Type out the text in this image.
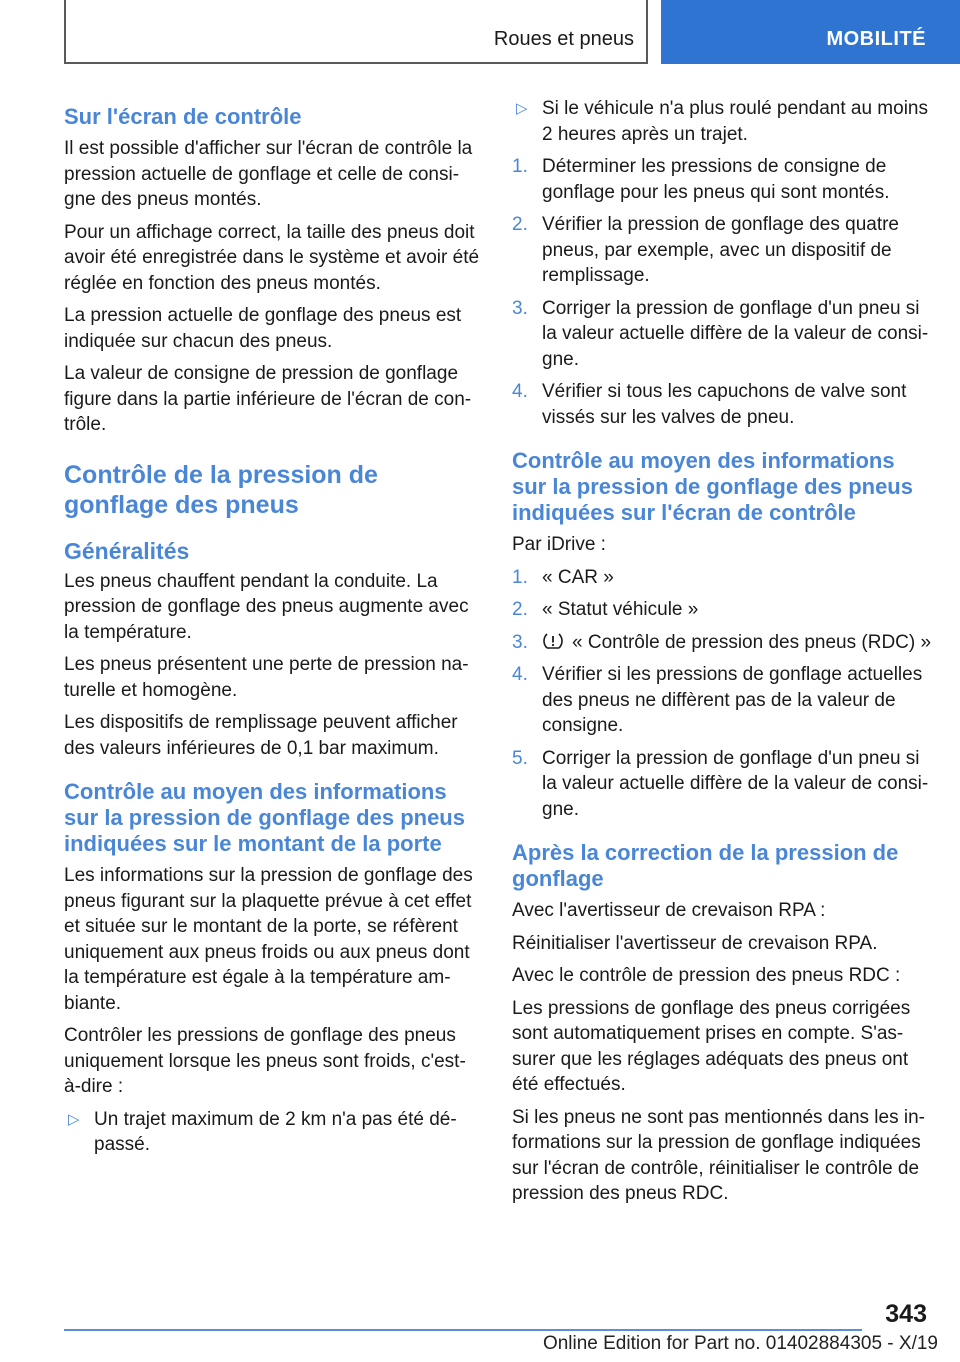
Roues et pneus	MOBILITÉ
Sur l'écran de contrôle

Il est possible d'afficher sur l'écran de contrôle la pression actuelle de gonflage et celle de consi-gne des pneus montés.

Pour un affichage correct, la taille des pneus doit avoir été enregistrée dans le système et avoir été réglée en fonction des pneus montés.

La pression actuelle de gonflage des pneus est indiquée sur chacun des pneus.

La valeur de consigne de pression de gonflage figure dans la partie inférieure de l'écran de con-trôle.

Contrôle de la pression de gonflage des pneus
Généralités

Les pneus chauffent pendant la conduite. La pression de gonflage des pneus augmente avec la température.

Les pneus présentent une perte de pression na-turelle et homogène.

Les dispositifs de remplissage peuvent afficher des valeurs inférieures de 0,1 bar maximum.

Contrôle au moyen des informations sur la pression de gonflage des pneus indiquées sur le montant de la porte

Les informations sur la pression de gonflage des pneus figurant sur la plaquette prévue à cet effet et située sur le montant de la porte, se réfèrent uniquement aux pneus froids ou aux pneus dont la température est égale à la température am-biante.

Contrôler les pressions de gonflage des pneus uniquement lorsque les pneus sont froids, c'est-à-dire :

▷ Un trajet maximum de 2 km n'a pas été dé-passé.
▷ Si le véhicule n'a plus roulé pendant au moins 2 heures après un trajet.
1. Déterminer les pressions de consigne de gonflage pour les pneus qui sont montés.
2. Vérifier la pression de gonflage des quatre pneus, par exemple, avec un dispositif de remplissage.
3. Corriger la pression de gonflage d'un pneu si la valeur actuelle diffère de la valeur de consi-gne.
4. Vérifier si tous les capuchons de valve sont vissés sur les valves de pneu.
Contrôle au moyen des informations sur la pression de gonflage des pneus indiquées sur l'écran de contrôle

Par iDrive :

1. « CAR »
2. « Statut véhicule »
3. « Contrôle de pression des pneus (RDC) »
4. Vérifier si les pressions de gonflage actuelles des pneus ne diffèrent pas de la valeur de consigne.
5. Corriger la pression de gonflage d'un pneu si la valeur actuelle diffère de la valeur de consi-gne.
Après la correction de la pression de gonflage

Avec l'avertisseur de crevaison RPA :

Réinitialiser l'avertisseur de crevaison RPA.

Avec le contrôle de pression des pneus RDC :

Les pressions de gonflage des pneus corrigées sont automatiquement prises en compte. S'as-surer que les réglages adéquats des pneus ont été effectués.

Si les pneus ne sont pas mentionnés dans les in-formations sur la pression de gonflage indiquées sur l'écran de contrôle, réinitialiser le contrôle de pression des pneus RDC.

343
Online Edition for Part no. 01402884305 - X/19
